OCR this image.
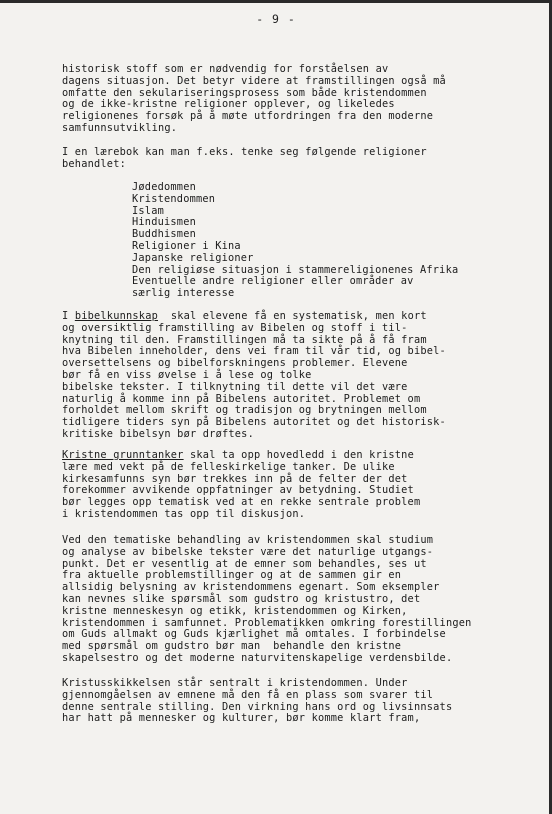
- 9 -
historisk stoff som er nødvendig for forståelsen av
dagens situasjon. Det betyr videre at framstillingen også må
omfatte den sekulariseringsprosess som både kristendommen
og de ikke-kristne religioner opplever, og likeledes
religionenes forsøk på å møte utfordringen fra den moderne
samfunnsutvikling.
I en lærebok kan man f.eks. tenke seg følgende religioner
behandlet:
Jødedommen
Kristendommen
Islam
Hinduismen
Buddhismen
Religioner i Kina
Japanske religioner
Den religiøse situasjon i stammereligionenes Afrika
Eventuelle andre religioner eller områder av
særlig interesse
I bibelkunnskap  skal elevene få en systematisk, men kort
og oversiktlig framstilling av Bibelen og stoff i til-
knytning til den. Framstillingen må ta sikte på å få fram
hva Bibelen inneholder, dens vei fram til vår tid, og bibel-
oversettelsens og bibelforskningens problemer. Elevene
bør få en viss øvelse i å lese og tolke
bibelske tekster. I tilknytning til dette vil det være
naturlig å komme inn på Bibelens autoritet. Problemet om
forholdet mellom skrift og tradisjon og brytningen mellom
tidligere tiders syn på Bibelens autoritet og det historisk-
kritiske bibelsyn bør drøftes.
Kristne grunntanker skal ta opp hovedledd i den kristne
lære med vekt på de felleskirkelige tanker. De ulike
kirkesamfunns syn bør trekkes inn på de felter der det
forekommer avvikende oppfatninger av betydning. Studiet
bør legges opp tematisk ved at en rekke sentrale problem
i kristendommen tas opp til diskusjon.
Ved den tematiske behandling av kristendommen skal studium
og analyse av bibelske tekster være det naturlige utgangs-
punkt. Det er vesentlig at de emner som behandles, ses ut
fra aktuelle problemstillinger og at de sammen gir en
allsidig belysning av kristendommens egenart. Som eksempler
kan nevnes slike spørsmål som gudstro og kristustro, det
kristne menneskesyn og etikk, kristendommen og Kirken,
kristendommen i samfunnet. Problematikken omkring forestillingen
om Guds allmakt og Guds kjærlighet må omtales. I forbindelse
med spørsmål om gudstro bør man  behandle den kristne
skapelsestro og det moderne naturvitenskapelige verdensbilde.
Kristusskikkelsen står sentralt i kristendommen. Under
gjennomgåelsen av emnene må den få en plass som svarer til
denne sentrale stilling. Den virkning hans ord og livsinnsats
har hatt på mennesker og kulturer, bør komme klart fram,
